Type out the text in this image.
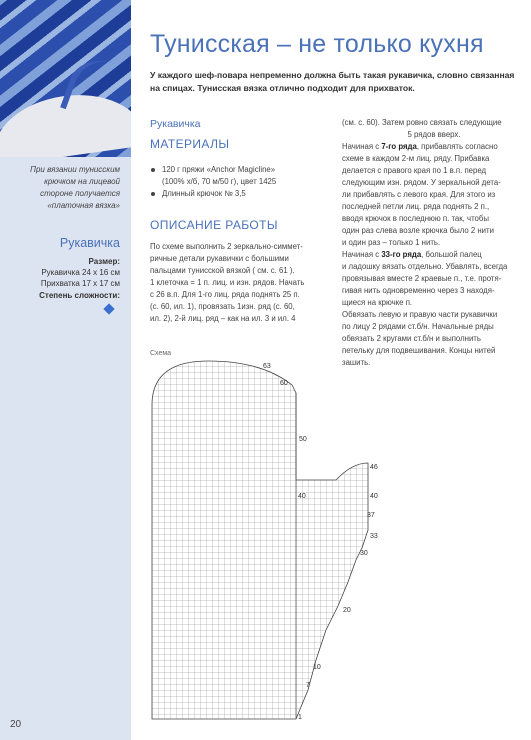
При вязании тунисским
крючком на лицевой
стороне получается
«платочная вязка»
Рукавичка
Размер:
Рукавичка 24 x 16 см
Прихватка 17 x 17 см
Степень сложности:
Тунисская – не только кухня
У каждого шеф-повара непременно должна быть такая рукавичка, словно связанная на спицах. Тунисская вязка отлично подходит для прихваток.
Рукавичка
МАТЕРИАЛЫ
120 г пряжи «Anchor Magicline»
(100% х/б, 70 м/50 г), цвет 1425
Длинный крючок № 3,5
ОПИСАНИЕ РАБОТЫ

По схеме выполнить 2 зеркально-симмет-

ричные детали рукавички с большими

пальцами тунисской вязкой ( см. с. 61 ).

1 клеточка = 1 п. лиц. и изн. рядов. Начать

с 26 в.п. Для 1-го лиц. ряда поднять 25 п.

(с. 60, ил. 1), провязать 1изн. ряд (с. 60,

ил. 2), 2-й лиц. ряд – как на ил. 3 и ил. 4

(см. с. 60). Затем ровно связать следующие

5 рядов вверх.

Начиная с 7-го ряда, прибавлять согласно

схеме в каждом 2-м лиц. ряду. Прибавка

делается с правого края по 1 в.п. перед

следующим изн. рядом. У зеркальной дета-

ли прибавлять с левого края. Для этого из

последней петли лиц. ряда поднять 2 п.,

вводя крючок в последнюю п. так, чтобы

один раз слева возле крючка было 2 нити

и один раз – только 1 нить.

Начиная с 33-го ряда, большой палец

и ладошку вязать отдельно. Убавлять, всегда

провязывая вместе 2 краевые п., т.е. протя-

гивая нить одновременно через 3 находя-

щиеся на крючке п.

Обвязать левую и правую части рукавички

по лицу 2 рядами ст.б/н. Начальные ряды

обвязать 2 кругами ст.б/н и выполнить

петельку для подвешивания. Концы нитей

зашить.

Схема
63
60
50
46
40	40
37
33
30
20
10
7
1
20
